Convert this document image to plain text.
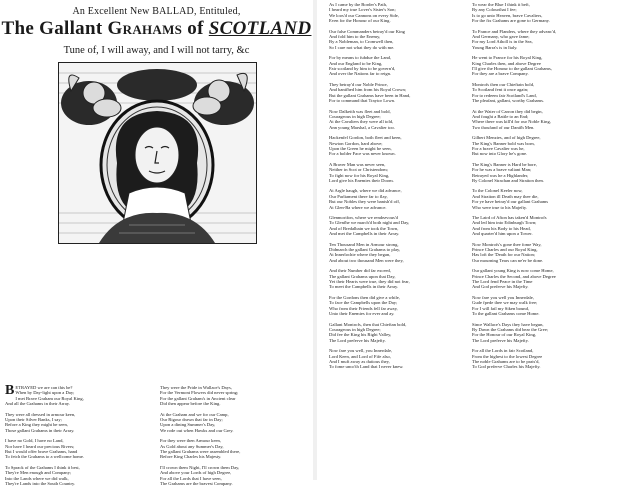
An Excellent New BALLAD, Entituled,
The Gallant Grahams of SCOTLAND
Tune of, I will away, and I will not tarry, &c
BETRAYED we are can this be?
When by Day-light upon a Day;
I met Brave Graham our Royal King,
And all the Grahams in their Array.
They were all dressed in armour keen,
Upon their Silver Banks, I say;
Before a King they might be seen,
Those gallant Grahams in their Array.
I have no Gold, I have no Land,
Nor have I heard our precious Rivers;
But I would offer brave Grahams, hand
To fetch the Grahams to a wellcome home.
To Sprack of the Grahams I think it best,
They're Men enough and Company;
Into the Lands where we did walk,
They're Lands into the South Country.
They were the Pride in Wallace's Days,
For the Vermont Flowers did never spring;
For the gallant Graham's in Ancient clear
Did then appear before the King.
At the Graham and we for our Camp,
Our Rigour drawn that far in Day;
Upon a dining Summer's Day,
We rode out when Hawks and our Grey.
For they were then Armour keen,
As Gold about any Summer's Day,
The gallant Grahams were assembled there,
Before King Charles his Majesty.
I'll crown them Night, I'll crown them Day,
And above your Lords of high Degree,
For all the Lords that I have seen,
The Grahams are the bravest Company.
As I came by the Border's Path,
I heard my true Lover's Sister's Son;
We loos'd our Cannons on every Side,
Even for the Honour of our King.
Our false Commanders betray'd our King
And fold him to the Enemy,
By a Nobleman, to Cromwell then,
So I care not what they do with me.
For by means to fubdue the Land,
And our England to be King,
Fair scotland by him to be govern'd,
And over the Nations far to reign.
They betray'd our Noble Prince,
And banifhed him from his Royal Crown;
But the gallant Grahams have been in Hand,
For to command that Traytor Lown.
Now Dalkeith was fleet and bold,
Courageous in high Degree;
At the Cavaliers they were all told,
Ann young Marshal, a Cavalier too.
Hackenfel Gordon, both fleet and keen,
Newton Gordon, hard above;
Upon the Green he might be seen,
For a bolder Face was never known.
A Braver Man was never seen,
Neither in Scot or Christendom;
To fight now for his Royal King,
Lord give his Enemies their Doom.
At Argle haugh, where we did advance,
Our Parliament there far to flay,
But our Nobles they were banish'd off,
At Glen-Ba where we advance.
Glenmorifon, where we rendezvous'd
To Glenfhe we march'd both night and Day,
And of Bredalbain we took the Town,
And met the Campbells in their Array.
Ten Thousand Men in Armour strong,
Didmarch the gallant Grahams to play,
At Innerlochie where they began,
And about two thousand Men were they,
And their Number did far exceed,
The gallant Grahams upon that Day,
Yet their Hearts were true, they did not fear,
To meet the Campbells in their Array.
For the Gordons then did give a while,
To face the Campbells upon the Day;
Who from their Friends fell far away,
Unto their Enemies for ever and ay.
Gallant Montrofs, then that Chieftan bold,
Courageous in high Degree;
Did fee the King his Right Valley,
The Lord preferve his Majefty.
Now fare you well, you Innerdale,
Lord Keen, and Lord of Fife also,
And I muft away as dutious they,
To fome unco'th Land that I never knew.
To wear the Blue I think it beft,
By any Colourthat I fee;
Is to go unto Heaven, brave Cavaliers,
For the fix Grahams are gone to Germany.
To France and Flanders, where they advanc'd,
And Germany, who gave fame;
For my Lord Atholl is in the Sea,
Young Barra's is in Italy.
He went to France for his Royal King,
King Charles then, and above Degree
I'll give the Honour to the gallant Grahams,
For they are a brave Company.
Montrofs then our Chieftain bold,
To Scotland fent it once again;
For to redeem fair Scotland's Land,
The pleafant, gallant, worthy Grahams.
At the Water of Carron they did begin,
And fought a Battle to an End;
Where there was kill'd for our Noble King,
Two thoufand of our Danifh Men.
Gilbert Menzies, and of high Degree,
The King's Banner bold was born,
For a brave Cavalier was he,
But now into Glory he's gone.
The King's Banner is Hard be bore,
For he was a brave valiant Man;
Betrayed was he a Highlander,
By Colonel Strachan and Straiton then.
To the Colonel Keeler now,
And Straiton ill Death may thee die,
For ye have betray'd our gallant Grahams
Who were true to his Majefty.
The Laird of Afton has taken'd Montrofs
And led him into Edinburgh Town;
And from his Body to his Head,
And quarter'd him upon a Tower.
Now Montrofs's gone thee fome Way,
Prince Charles and our Royal King,
Has loft the 'Death for our Nation;
Our mourning Tears can ne'er be done.
Our gallant young King is now come Home,
Prince Charles the Second, and above Degree
The Lord fend Peace in the Time
And God preferve his Majefty.
Now fare you well you Innerdale,
Gude fpede thee we may walk free;
For I will fail my Siken bound,
To the gallant Grahams come Home.
Since Wallace's Days they have begun,
By Dawn the Grahams did bear the Gree;
For the Honour of our Royal King,
The Lord preferve his Majefty.
For all the Lords in fair Scotland,
From the highest to the lowest Degree
The noble Grahams are to be prais'd,
To God preferve Charles his Majefty.
